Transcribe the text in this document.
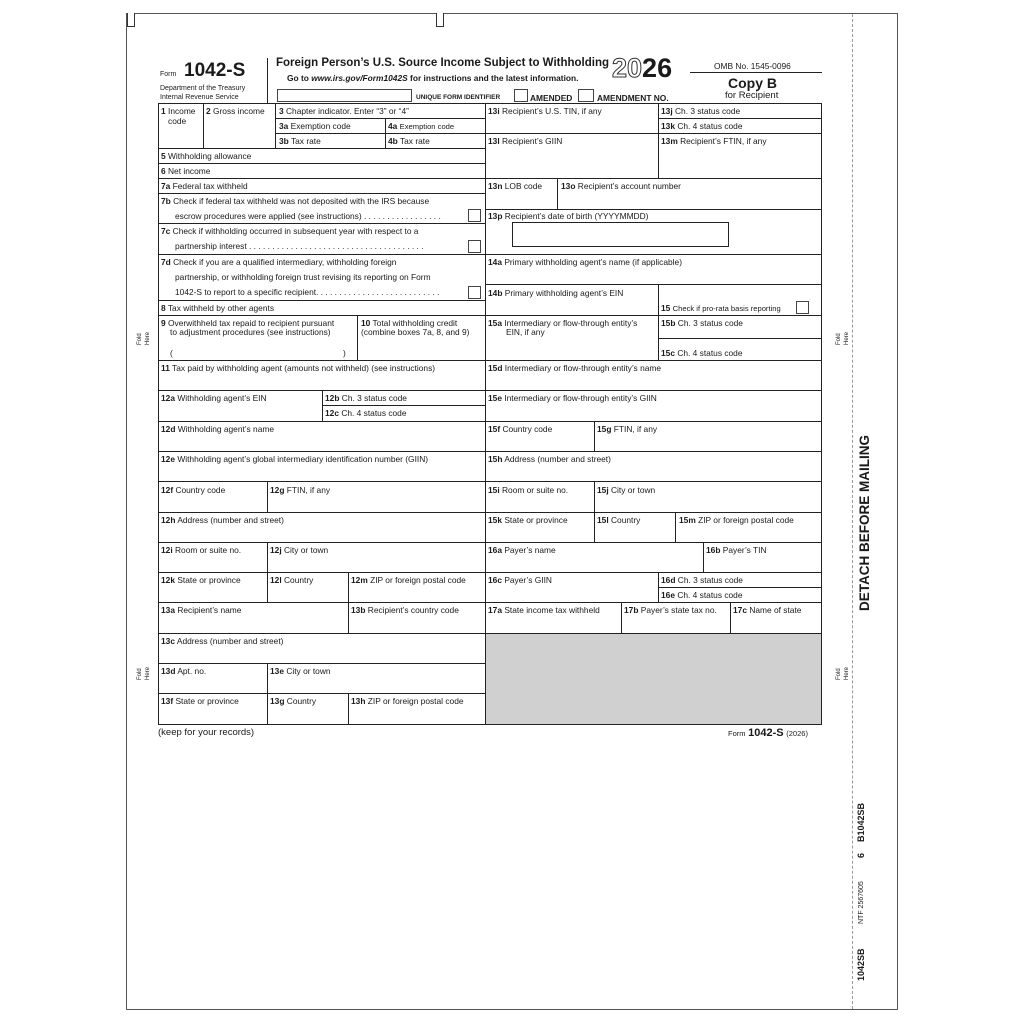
Form 1042-S
Department of the Treasury
Internal Revenue Service
Foreign Person’s U.S. Source Income Subject to Withholding
Go to www.irs.gov/Form1042S for instructions and the latest information. 2026	OMB No. 1545-0096
Copy B
for Recipient
UNIQUE FORM IDENTIFIER	AMENDED	AMENDMENT NO.
1 Income code
2 Gross income 3 Chapter indicator. Enter “3” or “4”
3a Exemption code	4a Exemption code
3b Tax rate	4b Tax rate
5 Withholding allowance
6 Net income
7a Federal tax withheld
7b Check if federal tax withheld was not deposited with the IRS because
escrow procedures were applied (see instructions) . . . . . . . . . . . . . . . . .
7c Check if withholding occurred in subsequent year with respect to a
partnership interest . . . . . . . . . . . . . . . . . . . . . . . . . . . . . . . . . . . . . .
7d Check if you are a qualified intermediary, withholding foreign
partnership, or withholding foreign trust revising its reporting on Form
1042-S to report to a specific recipient. . . . . . . . . . . . . . . . . . . . . . . . . . .
8 Tax withheld by other agents
9 Overwithheld tax repaid to recipient pursuant
to adjustment procedures (see instructions)
(	)
10 Total withholding credit
(combine boxes 7a, 8, and 9)
11 Tax paid by withholding agent (amounts not withheld) (see instructions)
12a Withholding agent’s EIN	12b Ch. 3 status code
12c Ch. 4 status code
12d Withholding agent’s name
12e Withholding agent’s global intermediary identification number (GIIN)
12f Country code	12g FTIN, if any
12h Address (number and street)
12i Room or suite no.	12j City or town
12k State or province	12l Country	12m ZIP or foreign postal code
13a Recipient’s name	13b Recipient’s country code
13c Address (number and street)
13d Apt. no.	13e City or town
13f State or province	13g Country	13h ZIP or foreign postal code
13i Recipient’s U.S. TIN, if any	13j Ch. 3 status code
13k Ch. 4 status code
13l Recipient’s GIIN	13m Recipient’s FTIN, if any
13n LOB code 13o Recipient’s account number
13p Recipient’s date of birth (YYYYMMDD)
14a Primary withholding agent’s name (if applicable)
14b Primary withholding agent’s EIN
15 Check if pro-rata basis reporting
15a Intermediary or flow-through entity’s
EIN, if any
15b Ch. 3 status code
15c Ch. 4 status code
15d Intermediary or flow-through entity’s name
15e Intermediary or flow-through entity’s GIIN
15f Country code	15g FTIN, if any
15h Address (number and street)
15i Room or suite no.	15j City or town
15k State or province	15l Country	15m ZIP or foreign postal code
16a Payer’s name	16b Payer’s TIN
16c Payer’s GIIN	16d Ch. 3 status code
16e Ch. 4 status code
17a State income tax withheld	17b Payer’s state tax no. 17c Name of state
(keep for your records)	Form 1042-S (2026)
Fold Here
Fold Here
Fold Here
Fold Here
DETACH BEFORE MAILING
B1042SB
6
NTF 2567605
1042SB
